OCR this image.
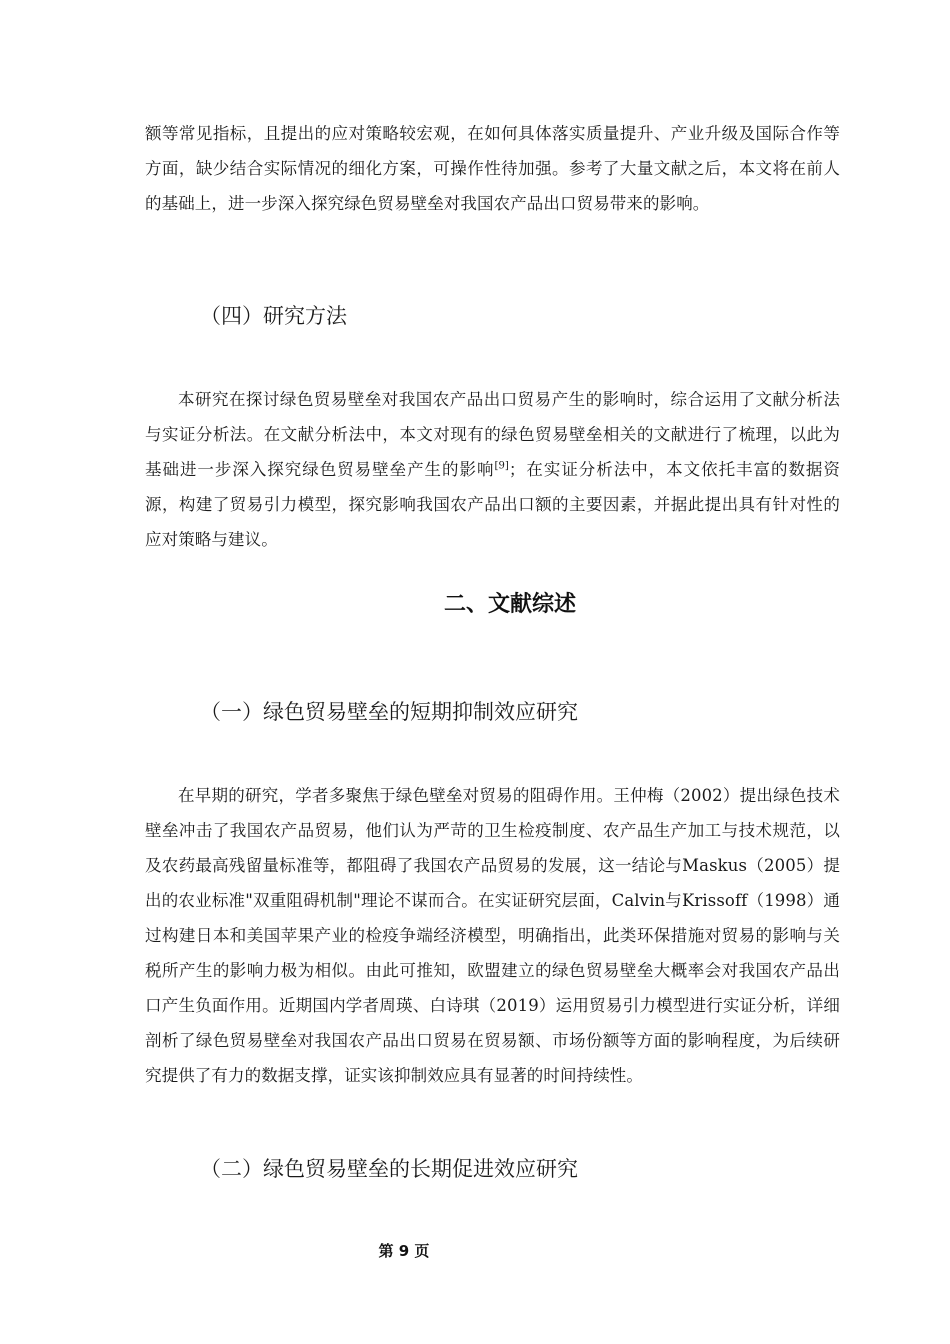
额等常见指标，且提出的应对策略较宏观，在如何具体落实质量提升、产业升级及国际合作等方面，缺少结合实际情况的细化方案，可操作性待加强。参考了大量文献之后，本文将在前人的基础上，进一步深入探究绿色贸易壁垒对我国农产品出口贸易带来的影响。

（四）研究方法

本研究在探讨绿色贸易壁垒对我国农产品出口贸易产生的影响时，综合运用了文献分析法与实证分析法。在文献分析法中，本文对现有的绿色贸易壁垒相关的文献进行了梳理，以此为基础进一步深入探究绿色贸易壁垒产生的影响[9]；在实证分析法中，本文依托丰富的数据资源，构建了贸易引力模型，探究影响我国农产品出口额的主要因素，并据此提出具有针对性的应对策略与建议。

二、文献综述
（一）绿色贸易壁垒的短期抑制效应研究

在早期的研究，学者多聚焦于绿色壁垒对贸易的阻碍作用。王仲梅（2002）提出绿色技术壁垒冲击了我国农产品贸易，他们认为严苛的卫生检疫制度、农产品生产加工与技术规范，以及农药最高残留量标准等，都阻碍了我国农产品贸易的发展，这一结论与Maskus（2005）提出的农业标准"双重阻碍机制"理论不谋而合。在实证研究层面，Calvin与Krissoff（1998）通过构建日本和美国苹果产业的检疫争端经济模型，明确指出，此类环保措施对贸易的影响与关税所产生的影响力极为相似。由此可推知，欧盟建立的绿色贸易壁垒大概率会对我国农产品出口产生负面作用。近期国内学者周瑛、白诗琪（2019）运用贸易引力模型进行实证分析，详细剖析了绿色贸易壁垒对我国农产品出口贸易在贸易额、市场份额等方面的影响程度，为后续研究提供了有力的数据支撑，证实该抑制效应具有显著的时间持续性。

（二）绿色贸易壁垒的长期促进效应研究
第 9 页
